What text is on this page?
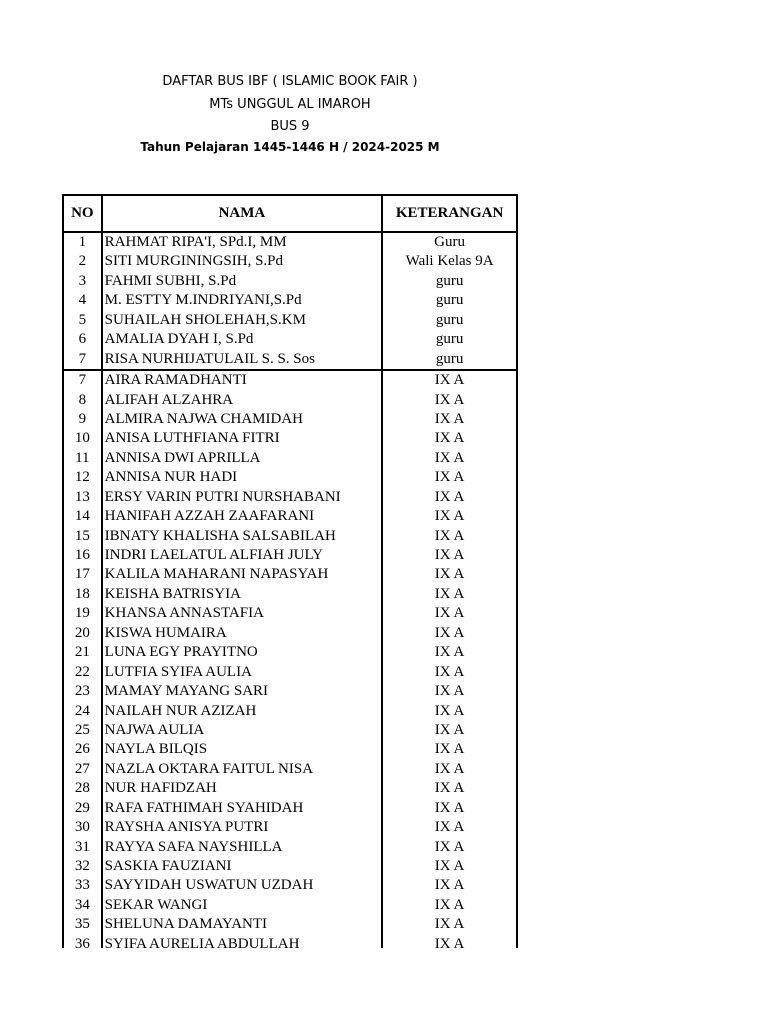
DAFTAR BUS IBF ( ISLAMIC BOOK FAIR )
MTs UNGGUL AL IMAROH
BUS 9
Tahun Pelajaran 1445-1446 H / 2024-2025 M
NO	NAMA	KETERANGAN
1	RAHMAT RIPA'I, SPd.I, MM	Guru
2	SITI MURGININGSIH, S.Pd	Wali Kelas 9A
3	FAHMI SUBHI, S.Pd	guru
4	M. ESTTY M.INDRIYANI,S.Pd	guru
5	SUHAILAH SHOLEHAH,S.KM	guru
6	AMALIA DYAH I, S.Pd	guru
7	RISA NURHIJATULAIL S. S. Sos	guru
7	AIRA RAMADHANTI	IX A
8	ALIFAH ALZAHRA	IX A
9	ALMIRA NAJWA CHAMIDAH	IX A
10 ANISA LUTHFIANA FITRI	IX A
11	ANNISA DWI APRILLA	IX A
12 ANNISA NUR HADI	IX A
13 ERSY VARIN PUTRI NURSHABANI	IX A
14 HANIFAH AZZAH ZAAFARANI	IX A
15 IBNATY KHALISHA SALSABILAH	IX A
16 INDRI LAELATUL ALFIAH JULY	IX A
17 KALILA MAHARANI NAPASYAH	IX A
18 KEISHA BATRISYIA	IX A
19 KHANSA ANNASTAFIA	IX A
20 KISWA HUMAIRA	IX A
21 LUNA EGY PRAYITNO	IX A
22 LUTFIA SYIFA AULIA	IX A
23 MAMAY MAYANG SARI	IX A
24 NAILAH NUR AZIZAH	IX A
25 NAJWA AULIA	IX A
26 NAYLA BILQIS	IX A
27 NAZLA OKTARA FAITUL NISA	IX A
28 NUR HAFIDZAH	IX A
29 RAFA FATHIMAH SYAHIDAH	IX A
30 RAYSHA ANISYA PUTRI	IX A
31 RAYYA SAFA NAYSHILLA	IX A
32 SASKIA FAUZIANI	IX A
33 SAYYIDAH USWATUN UZDAH	IX A
34 SEKAR WANGI	IX A
35 SHELUNA DAMAYANTI	IX A
36 SYIFA AURELIA ABDULLAH	IX A
